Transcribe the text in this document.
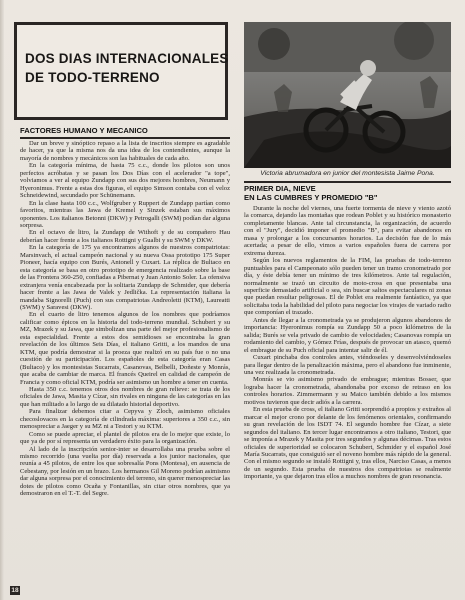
DOS DIAS INTERNACIONALES
DE TODO-TERRENO
Victoria abrumadora en junior del montesista Jaime Pona.
FACTORES HUMANO Y MECANICO

Dar un breve y sinóptico repaso a la lista de inscritos siempre es agradable de hacer, ya que la misma nos da una idea de los contendientes, aunque la mayoría de nombres y mecánicos son las habituales de cada año.

En la categoría mínima, de hasta 75 c.c., donde los pilotos son unos perfectos acróbatas y se pasan los Dos Días con el acelerador "a tope", volviamos a ver al equipo Zundapp con sus dos mejores hombres, Neumann y Hyeronimus. Frente a estas dos figuras, el equipo Simson contaba con el veloz Schneidewind, secundado por Schünemann.

En la clase hasta 100 c.c., Wolfgruber y Ruppert de Zundapp partían como favoritos, mientras las Jawa de Kremel y Sinzek estaban sus máximos oponentes. Los italianos Betonni (DKW) y Petrogalli (SWM) podían dar alguna sorpresa.

En el octavo de litro, la Zundapp de Withoft y de su compañero Hau deberían hacer frente a los italianos Rottigni y Gualbi y su SWM y DKW.

En la categoría de 175 ya encontramos algunos de nuestros compatriotas: Marsinvach, el actual campeón nacional y su nueva Ossa prototipo 175 Super Pioneer, hacía equipo con Burés, Antonell y Cuxart. La réplica de Bultaco en esta categoría se basa en otro prototipo de emergencia realizado sobre la base de las Frontera 360-250, confiadas a Pibernat y Juan Antonio Soler. La ofensiva extranjera venía encabezada por la solitaria Zundapp de Schmider, que debería hacer frente a las Jawa de Valek y Jedlička. La representación italiana la mandaba Signorelli (Puch) con sus compatriotas Andreoletti (KTM), Laureatti (SWM) y Saravesi (DKW).

En el cuarto de litro tenemos algunos de los nombres que podríamos calificar como épicos en la historia del todo-terreno mundial. Schubert y su MZ, Mrazek y su Jawa, que simbolizan una parte del mejor profesionalismo de esta especialidad. Frente a estos dos semidioses se encontraba la gran revelación de los últimos Seis Días, el italiano Gritti, a los mandos de una KTM, que podría demostrar si la proeza que realizó en su país fue o no una cuestión de su participación. Los españoles de esta categoría eran Casas (Bultaco) y los montesistas Sucarrats, Casanovas, Belbelli, Doñeste y Monrás, que acaba de cambiar de marca. El francés Queirel en calidad de campeón de Francia y como oficial KTM, podría ser asimismo un hombre a tener en cuenta.

Hasta 350 c.c. tenemos otros dos nombres de gran relieve: se trata de los oficiales de Jawa, Masita y Cízar, sin rivales en ninguna de las categorías en las que han militado a lo largo de su dilatado historial deportivo.

Para finalizar debemos citar a Cepyva y Zloch, asimismo oficiales checoslovacos en la categoría de cilindrada máxima: superiores a 350 c.c., sin menospreciar a Jaeger y su MZ ni a Testori y su KTM.

Como se puede apreciar, el plantel de pilotos era de lo mejor que existe, lo que ya de por sí representa un verdadero éxito para la organización.

Al lado de la inscripción senior-inter se desarrollaba una prueba sobre el mismo recorrido (una vuelta por día) reservada a los junior nacionales, que reunía a 45 pilotos, de entre los que sobresalía Pons (Montesa), en ausencia de Cebestany, por lesión en un brazo. Los hermanos Gil Moreno podrían asimismo dar alguna sorpresa por el conocimiento del terreno, sin querer menospreciar las dotes de pilotos como Ocaña y Fontanillas, sin citar otros nombres, que ya demostraron en el T.-T. del Segre.

PRIMER DIA, NIEVE
EN LAS CUMBRES Y PROMEDIO "B"

Durante la noche del viernes, una fuerte tormenta de nieve y viento azotó la comarca, dejando las montañas que rodean Poblet y su histórico monasterio completamente blancas. Ante tal circunstancia, la organización, de acuerdo con el "Jury", decidió imponer el promedio "B", para evitar abandonos en masa y prolongar a los concursantes horarios. La decisión fue de lo más acertada; a pesar de ello, vimos a varios españoles fuera de carrera por extrema dureza.

Según los nuevos reglamentos de la FIM, las pruebas de todo-terreno puntuables para el Campeonato sólo pueden tener un tramo cronometrado por día, y éste debía tener un mínimo de tres kilómetros. Ante tal regulación, normalmente se trazó un circuito de moto-cross en que presentaba una superficie demasiado artificial o sea, sin buscar saltos espectaculares ni zonas que puedan resultar peligrosas. El de Poblet era realmente fantástico, ya que solicitaba toda la habilidad del piloto para negociar los virajes de variado radio que componían el trazado.

Antes de llegar a la cronometrada ya se produjeron algunos abandonos de importancia: Hyeronimus rompía su Zundapp 50 a poco kilómetros de la salida; Burés se vela privado de cambio de velocidades; Casanovas rompía un rodamiento del cambio, y Gómez Frías, después de provocar un atasco, quemó el embrague de su Puch oficial para intentar salir de él.

Cuxart pinchaba dos controles antes, viéndoseles y desenvolviéndoseles para llegar dentro de la penalización máxima, pero el abandono fue inminente, una vez realizada la cronometrada.

Monrás se vio asimismo privado de embrague; mientras Bosser, que lograba hacer la cronometrada, abandonaba por exceso de retraso en los controles horarios. Zimmermann y su Maico también debido a los mismos motivos tuvieron que decir adiós a la carrera.

En esta prueba de cross, el italiano Gritti sorprendió a propios y extraños al marcar el mejor crono por delante de los fenómenos orientales, confirmando su gran revelación de los ISDT 74. El segundo hombre fue Cízar, a siete segundos del italiano. En tercer lugar encontramos a otro italiano, Testori, que se imponía a Mrazek y Masita por tres segundos y algunas décimas. Tras estos oficiales de superioridad se colocaron Schubert, Schmider y el español José María Sucarrats, que consiguió ser el noveno hombre más rápido de la general. Con el mismo segundo se instaló Rottigni y, tras ellos, Narciso Casas, a menos de un segundo. Esta prueba de nuestros dos compatriotas se realmente importante, ya que dejaron tras ellos a muchos nombres de gran resonancia.

18
